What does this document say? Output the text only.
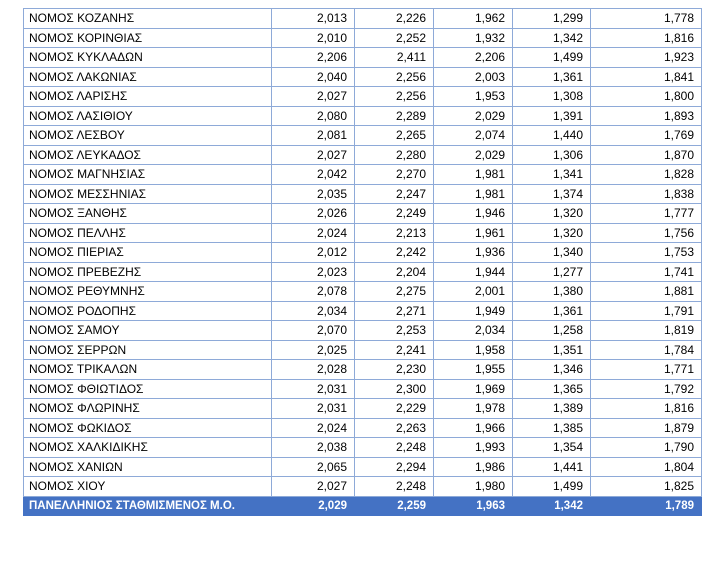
ΝΟΜΟΣ ΚΟΖΑΝΗΣ	2,013	2,226	1,962	1,299	1,778
ΝΟΜΟΣ ΚΟΡΙΝΘΙΑΣ	2,010	2,252	1,932	1,342	1,816
ΝΟΜΟΣ ΚΥΚΛΑΔΩΝ	2,206	2,411	2,206	1,499	1,923
ΝΟΜΟΣ ΛΑΚΩΝΙΑΣ	2,040	2,256	2,003	1,361	1,841
ΝΟΜΟΣ ΛΑΡΙΣΗΣ	2,027	2,256	1,953	1,308	1,800
ΝΟΜΟΣ ΛΑΣΙΘΙΟΥ	2,080	2,289	2,029	1,391	1,893
ΝΟΜΟΣ ΛΕΣΒΟΥ	2,081	2,265	2,074	1,440	1,769
ΝΟΜΟΣ ΛΕΥΚΑΔΟΣ	2,027	2,280	2,029	1,306	1,870
ΝΟΜΟΣ ΜΑΓΝΗΣΙΑΣ	2,042	2,270	1,981	1,341	1,828
ΝΟΜΟΣ ΜΕΣΣΗΝΙΑΣ	2,035	2,247	1,981	1,374	1,838
ΝΟΜΟΣ ΞΑΝΘΗΣ	2,026	2,249	1,946	1,320	1,777
ΝΟΜΟΣ ΠΕΛΛΗΣ	2,024	2,213	1,961	1,320	1,756
ΝΟΜΟΣ ΠΙΕΡΙΑΣ	2,012	2,242	1,936	1,340	1,753
ΝΟΜΟΣ ΠΡΕΒΕΖΗΣ	2,023	2,204	1,944	1,277	1,741
ΝΟΜΟΣ ΡΕΘΥΜΝΗΣ	2,078	2,275	2,001	1,380	1,881
ΝΟΜΟΣ ΡΟΔΟΠΗΣ	2,034	2,271	1,949	1,361	1,791
ΝΟΜΟΣ ΣΑΜΟΥ	2,070	2,253	2,034	1,258	1,819
ΝΟΜΟΣ ΣΕΡΡΩΝ	2,025	2,241	1,958	1,351	1,784
ΝΟΜΟΣ ΤΡΙΚΑΛΩΝ	2,028	2,230	1,955	1,346	1,771
ΝΟΜΟΣ ΦΘΙΩΤΙΔΟΣ	2,031	2,300	1,969	1,365	1,792
ΝΟΜΟΣ ΦΛΩΡΙΝΗΣ	2,031	2,229	1,978	1,389	1,816
ΝΟΜΟΣ ΦΩΚΙΔΟΣ	2,024	2,263	1,966	1,385	1,879
ΝΟΜΟΣ ΧΑΛΚΙΔΙΚΗΣ	2,038	2,248	1,993	1,354	1,790
ΝΟΜΟΣ ΧΑΝΙΩΝ	2,065	2,294	1,986	1,441	1,804
ΝΟΜΟΣ ΧΙΟΥ	2,027	2,248	1,980	1,499	1,825
ΠΑΝΕΛΛΗΝΙΟΣ ΣΤΑΘΜΙΣΜΕΝΟΣ Μ.Ο.	2,029	2,259	1,963	1,342	1,789
